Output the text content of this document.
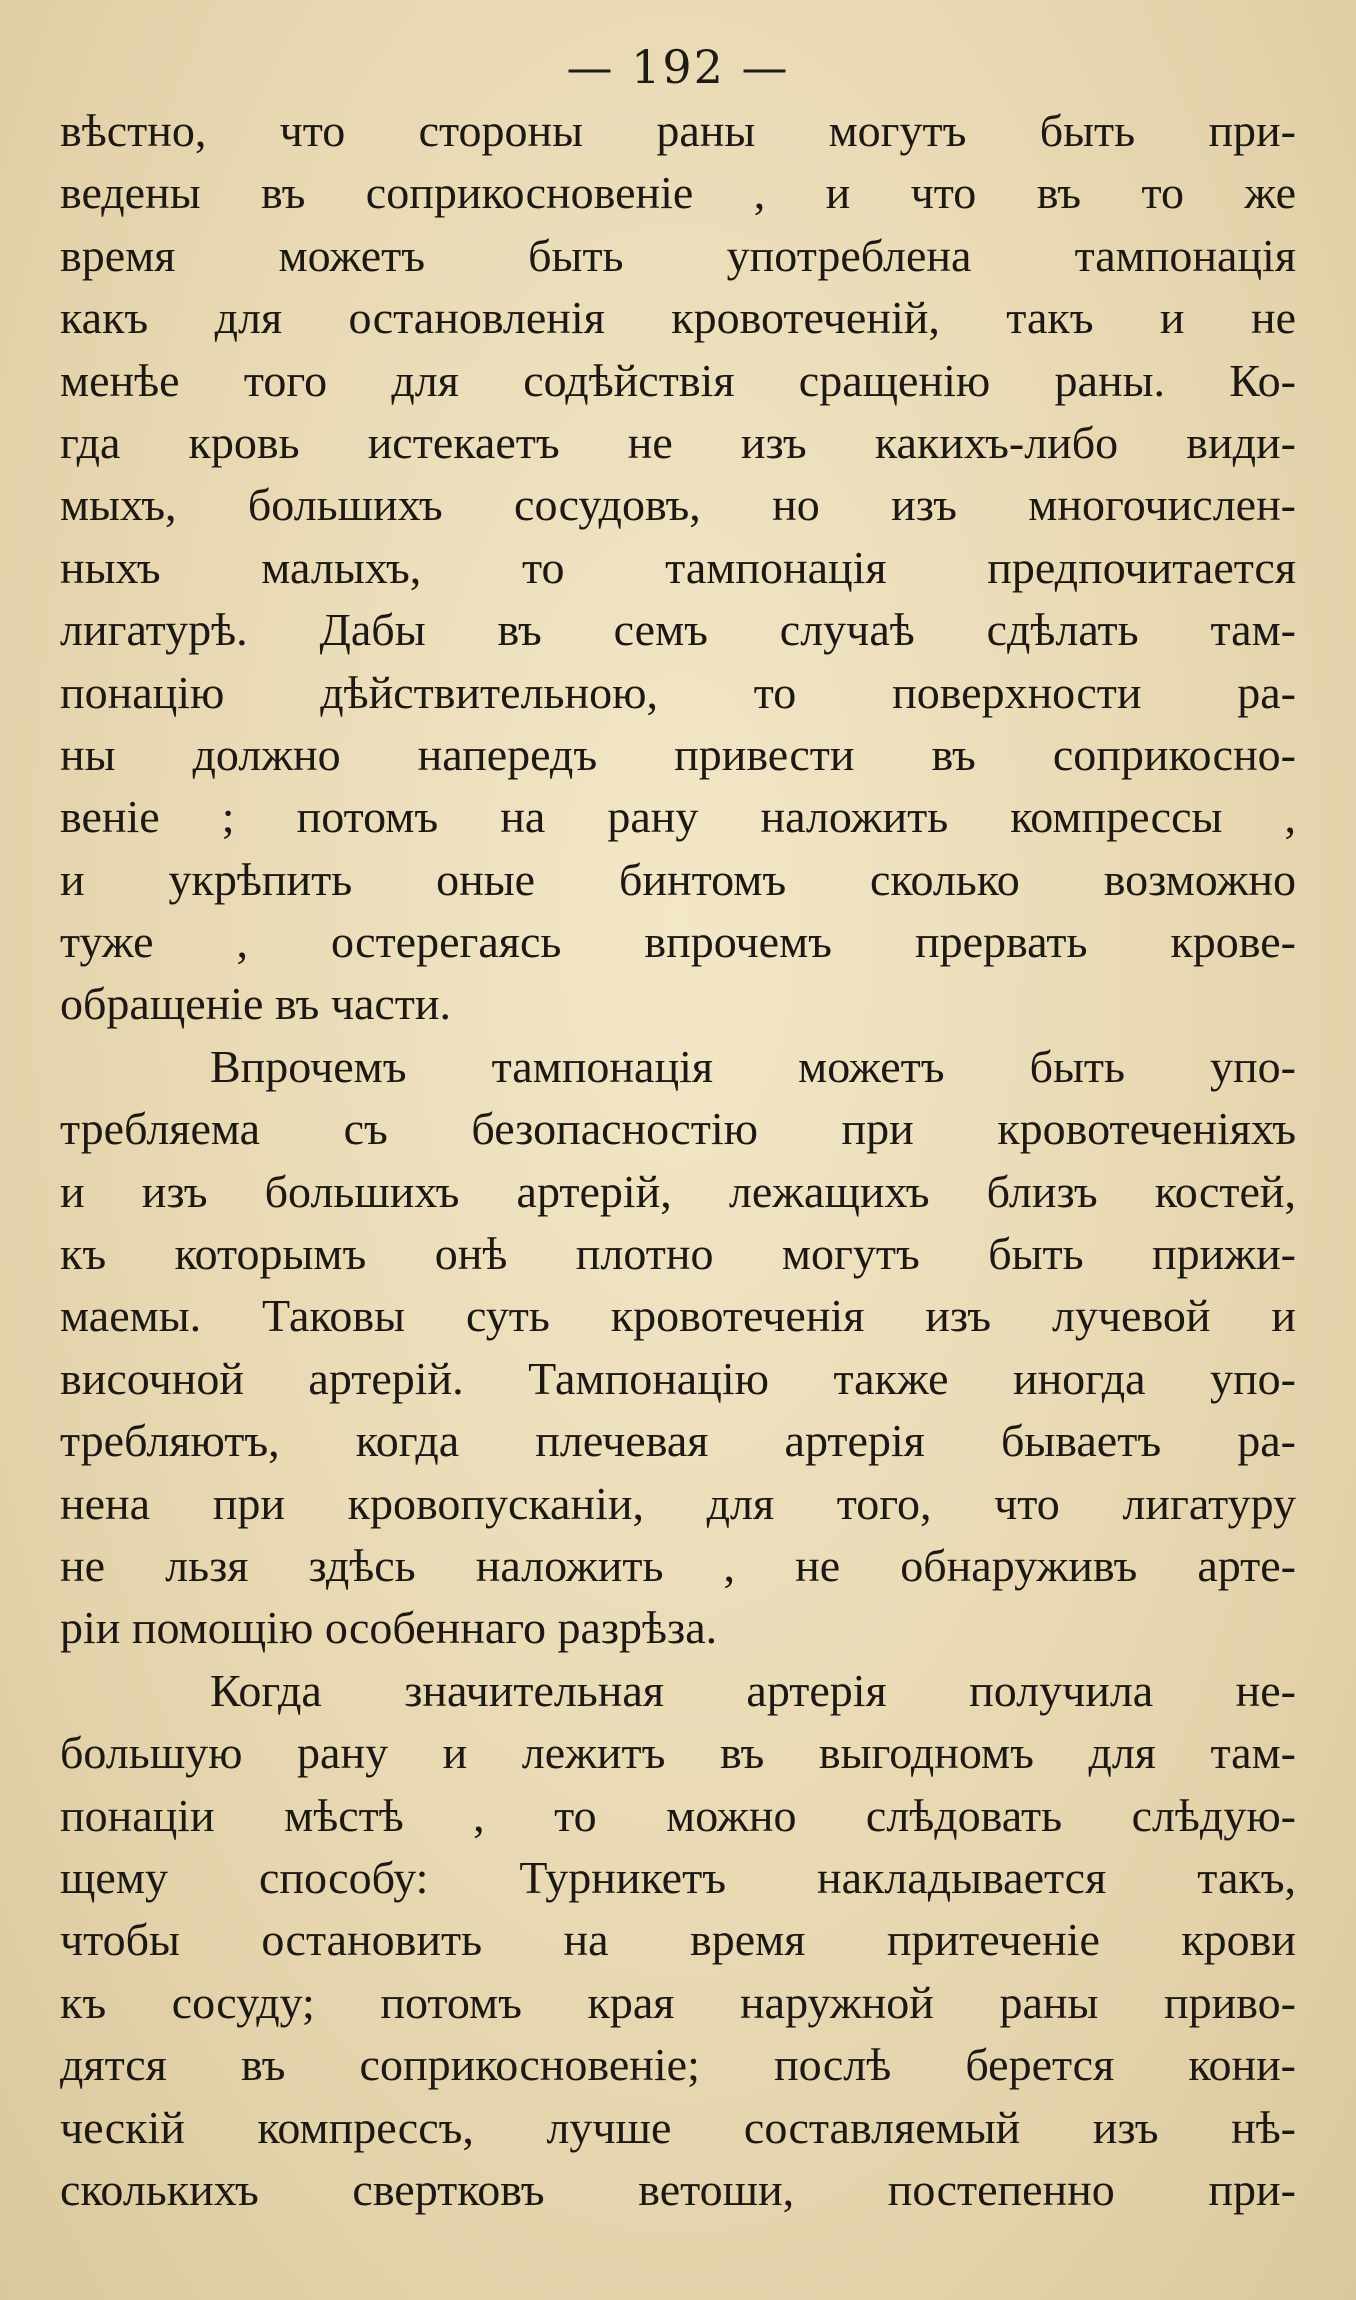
— 192 —
вѣстно, что стороны раны могутъ быть при-
ведены въ соприкосновенiе , и что въ то же
время можетъ быть употреблена тампонацiя
какъ для остановленiя кровотеченiй, такъ и не
менѣе того для содѣйствiя сращенiю раны. Ко-
гда кровь истекаетъ не изъ какихъ-либо види-
мыхъ, большихъ сосудовъ, но изъ многочислен-
ныхъ малыхъ, то тампонацiя предпочитается
лигатурѣ. Дабы въ семъ случаѣ сдѣлать там-
понацiю дѣйствительною, то поверхности ра-
ны должно напередъ привести въ соприкосно-
венiе ; потомъ на рану наложить компрессы ,
и укрѣпить оные бинтомъ сколько возможно
туже , остерегаясь впрочемъ прервать крове-
обращенiе въ части.
Впрочемъ тампонацiя можетъ быть упо-
требляема съ безопасностiю при кровотеченiяхъ
и изъ большихъ артерiй, лежащихъ близъ костей,
къ которымъ онѣ плотно могутъ быть прижи-
маемы. Таковы суть кровотеченiя изъ лучевой и
височной артерiй. Тампонацiю также иногда упо-
требляютъ, когда плечевая артерiя бываетъ ра-
нена при кровопусканiи, для того, что лигатуру
не льзя здѣсь наложить , не обнаруживъ арте-
рiи помощiю особеннаго разрѣза.
Когда значительная артерiя получила не-
большую рану и лежитъ въ выгодномъ для там-
понацiи мѣстѣ , то можно слѣдовать слѣдую-
щему способу: Турникетъ накладывается такъ,
чтобы остановить на время притеченiе крови
къ сосуду; потомъ края наружной раны приво-
дятся въ соприкосновенiе; послѣ берется кони-
ческiй компрессъ, лучше составляемый изъ нѣ-
сколькихъ свертковъ ветоши, постепенно при-
